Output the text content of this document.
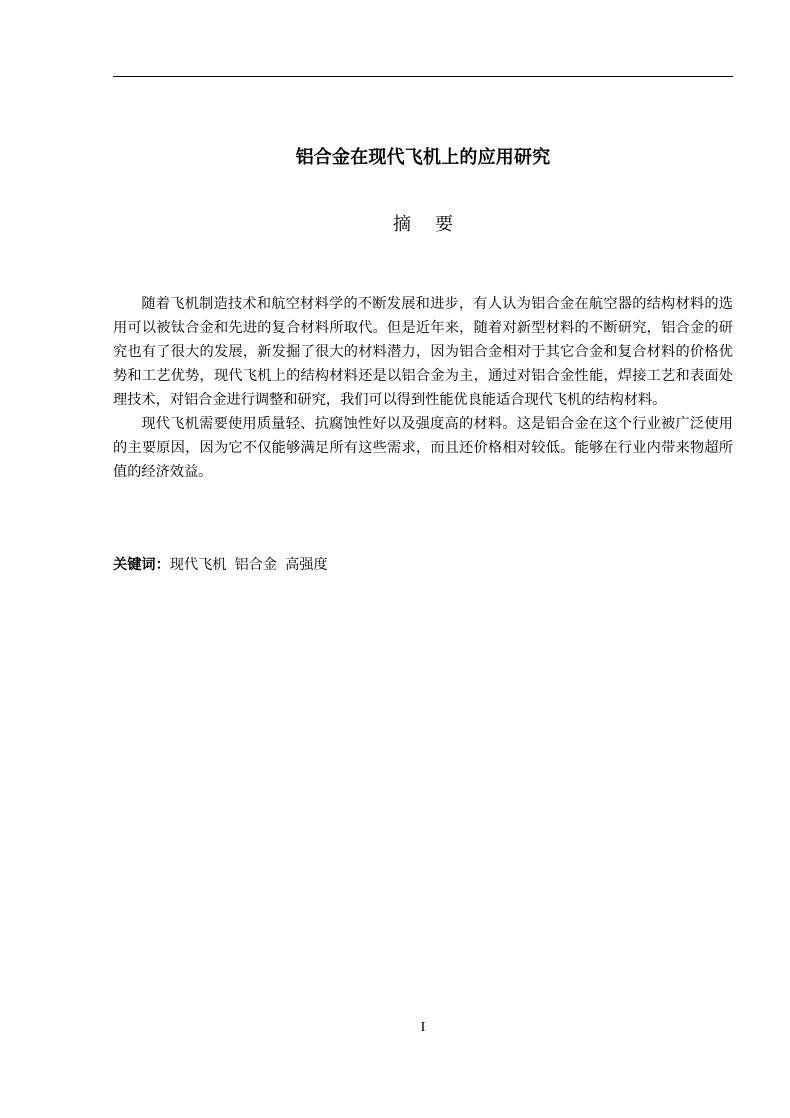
铝合金在现代飞机上的应用研究
摘要

随着飞机制造技术和航空材料学的不断发展和进步，有人认为铝合金在航空器的结构材料的选用可以被钛合金和先进的复合材料所取代。但是近年来，随着对新型材料的不断研究，铝合金的研究也有了很大的发展，新发掘了很大的材料潜力，因为铝合金相对于其它合金和复合材料的价格优势和工艺优势，现代飞机上的结构材料还是以铝合金为主，通过对铝合金性能，焊接工艺和表面处理技术，对铝合金进行调整和研究，我们可以得到性能优良能适合现代飞机的结构材料。

现代飞机需要使用质量轻、抗腐蚀性好以及强度高的材料。这是铝合金在这个行业被广泛使用的主要原因，因为它不仅能够满足所有这些需求，而且还价格相对较低。能够在行业内带来物超所值的经济效益。

关键词：现代飞机 铝合金 高强度
I
